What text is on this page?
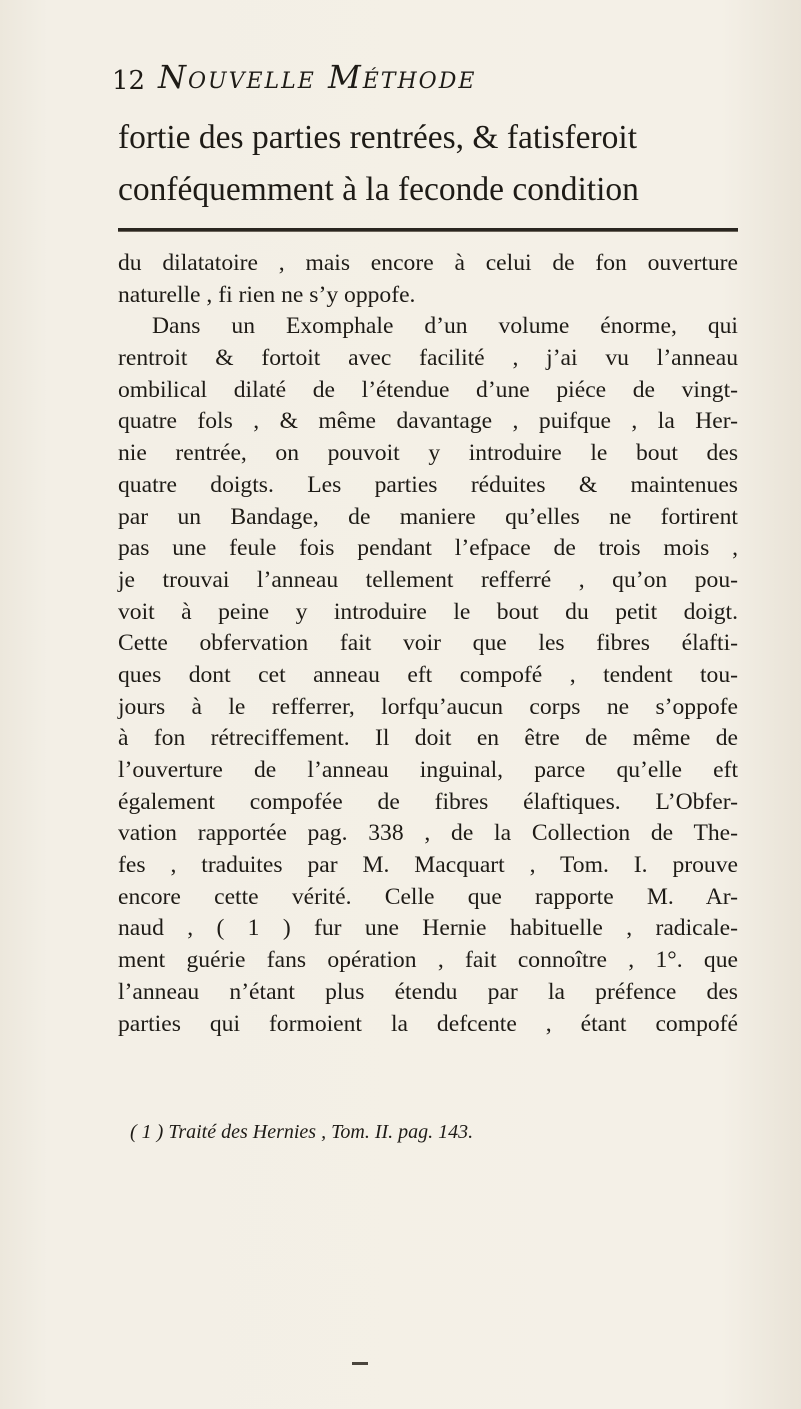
12 Nouvelle Méthode
fortie des parties rentrées, & fatisferoit
conféquemment à la feconde condition
du dilatatoire , mais encore à celui de fon ouverture
naturelle , fi rien ne s’y oppofe.
Dans un Exomphale d’un volume énorme, qui
rentroit & fortoit avec facilité , j’ai vu l’anneau
ombilical dilaté de l’étendue d’une piéce de vingt-
quatre fols , & même davantage , puifque , la Her-
nie rentrée, on pouvoit y introduire le bout des
quatre doigts. Les parties réduites & maintenues
par un Bandage, de maniere qu’elles ne fortirent
pas une feule fois pendant l’efpace de trois mois ,
je trouvai l’anneau tellement refferré , qu’on pou-
voit à peine y introduire le bout du petit doigt.
Cette obfervation fait voir que les fibres élafti-
ques dont cet anneau eft compofé , tendent tou-
jours à le refferrer, lorfqu’aucun corps ne s’oppofe
à fon rétreciffement. Il doit en être de même de
l’ouverture de l’anneau inguinal, parce qu’elle eft
également compofée de fibres élaftiques. L’Obfer-
vation rapportée pag. 338 , de la Collection de The-
fes , traduites par M. Macquart , Tom. I. prouve
encore cette vérité. Celle que rapporte M. Ar-
naud , ( 1 ) fur une Hernie habituelle , radicale-
ment guérie fans opération , fait connoître , 1°. que
l’anneau n’étant plus étendu par la préfence des
parties qui formoient la defcente , étant compofé
( 1 ) Traité des Hernies , Tom. II. pag. 143.
